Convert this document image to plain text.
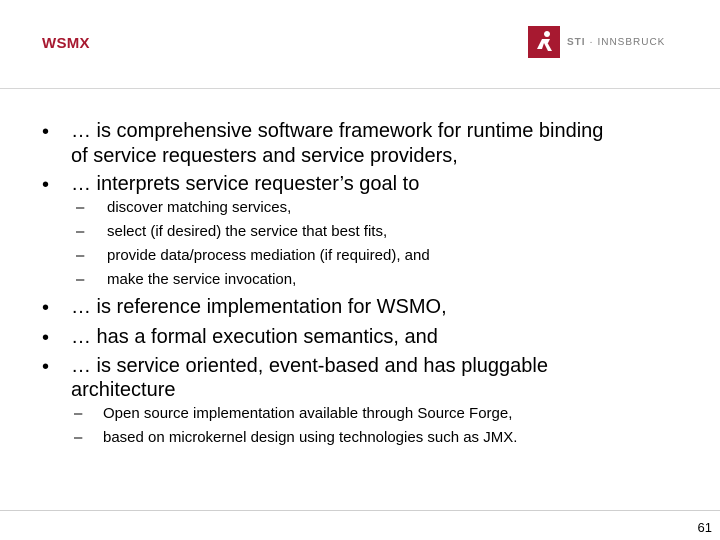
WSMX	STI · INNSBRUCK
• … is comprehensive software framework for runtime binding
of service requesters and service providers,
• … interprets service requester’s goal to
– discover matching services,
– select (if desired) the service that best fits,
– provide data/process mediation (if required), and
– make the service invocation,
• … is reference implementation for WSMO,
• … has a formal execution semantics, and
• … is service oriented, event-based and has pluggable
architecture
– Open source implementation available through Source Forge,
– based on microkernel design using technologies such as JMX.
61
